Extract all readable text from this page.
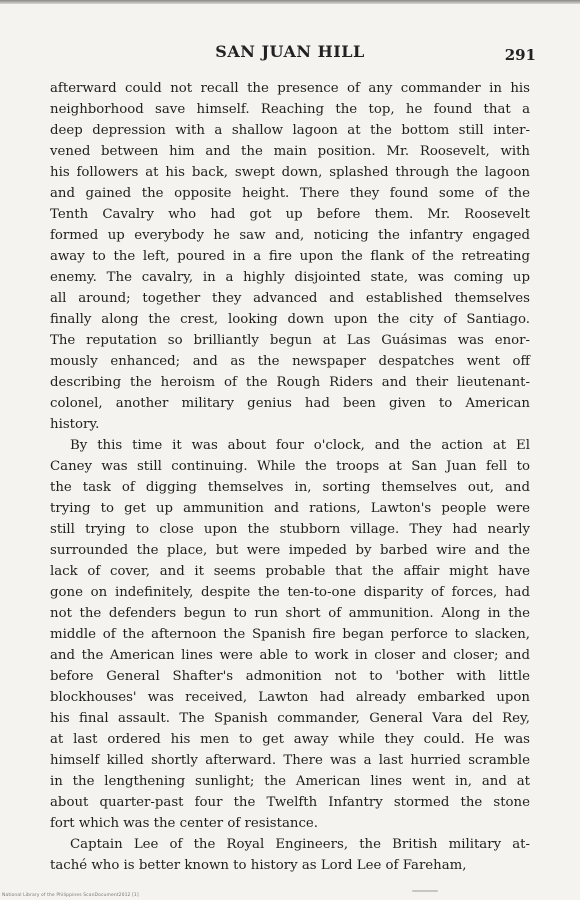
SAN JUAN HILL	291

afterward could not recall the presence of any commander in his
neighborhood save himself. Reaching the top, he found that a
deep depression with a shallow lagoon at the bottom still inter-
vened between him and the main position. Mr. Roosevelt, with
his followers at his back, swept down, splashed through the lagoon
and gained the opposite height. There they found some of the
Tenth Cavalry who had got up before them. Mr. Roosevelt
formed up everybody he saw and, noticing the infantry engaged
away to the left, poured in a fire upon the flank of the retreating
enemy. The cavalry, in a highly disjointed state, was coming up
all around; together they advanced and established themselves
finally along the crest, looking down upon the city of Santiago.
The reputation so brilliantly begun at Las Guásimas was enor-
mously enhanced; and as the newspaper despatches went off
describing the heroism of the Rough Riders and their lieutenant-
colonel, another military genius had been given to American
history.

By this time it was about four o'clock, and the action at El
Caney was still continuing. While the troops at San Juan fell to
the task of digging themselves in, sorting themselves out, and
trying to get up ammunition and rations, Lawton's people were
still trying to close upon the stubborn village. They had nearly
surrounded the place, but were impeded by barbed wire and the
lack of cover, and it seems probable that the affair might have
gone on indefinitely, despite the ten-to-one disparity of forces, had
not the defenders begun to run short of ammunition. Along in the
middle of the afternoon the Spanish fire began perforce to slacken,
and the American lines were able to work in closer and closer; and
before General Shafter's admonition not to 'bother with little
blockhouses' was received, Lawton had already embarked upon
his final assault. The Spanish commander, General Vara del Rey,
at last ordered his men to get away while they could. He was
himself killed shortly afterward. There was a last hurried scramble
in the lengthening sunlight; the American lines went in, and at
about quarter-past four the Twelfth Infantry stormed the stone
fort which was the center of resistance.

Captain Lee of the Royal Engineers, the British military at-
taché who is better known to history as Lord Lee of Fareham,

National Library of the Philippines ScanDocument2012 [1]
